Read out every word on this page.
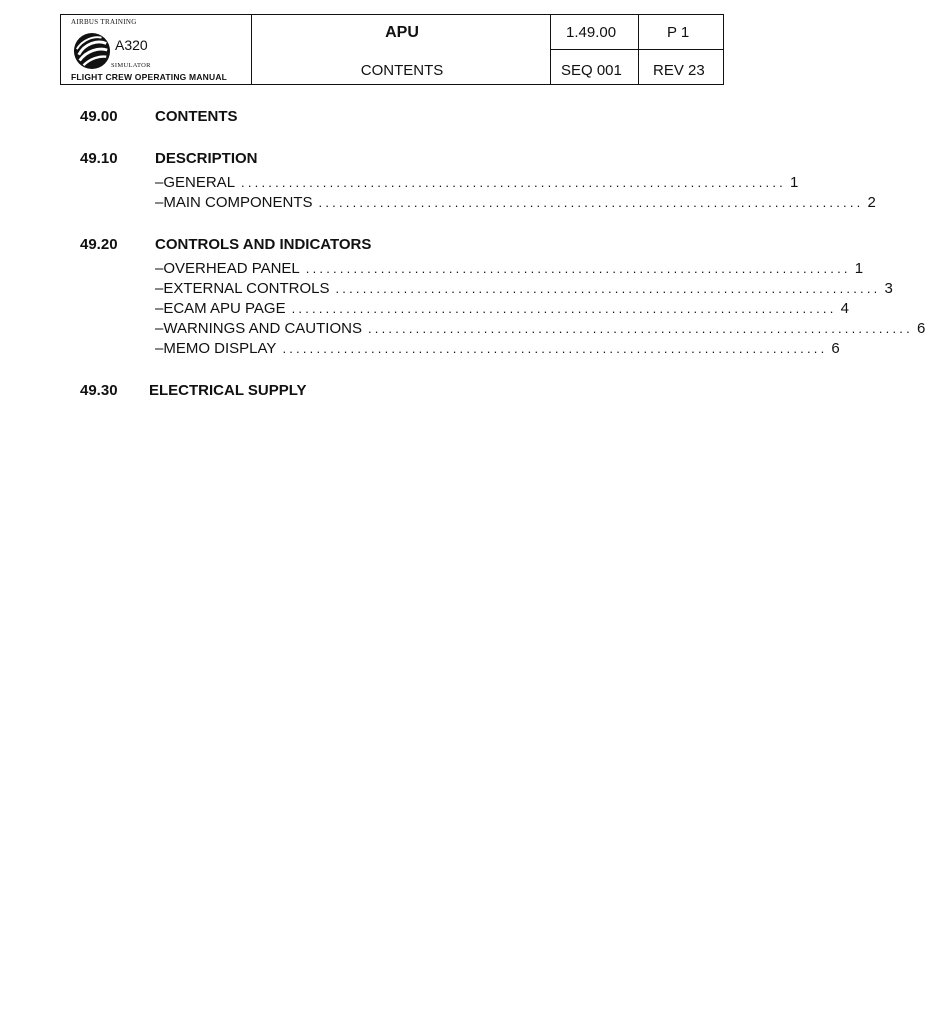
AIRBUS TRAINING
A320
SIMULATOR
FLIGHT CREW OPERATING MANUAL
APU
CONTENTS
1.49.00	P 1
SEQ 001 REV 23
49.00 CONTENTS
49.10 DESCRIPTION
– GENERAL ................................................................................ 1
– MAIN COMPONENTS ................................................................................ 2
49.20 CONTROLS AND INDICATORS
– OVERHEAD PANEL ................................................................................ 1
– EXTERNAL CONTROLS ................................................................................ 3
– ECAM APU PAGE ................................................................................ 4
– WARNINGS AND CAUTIONS ................................................................................ 6
– MEMO DISPLAY ................................................................................ 6
49.30 ELECTRICAL SUPPLY
